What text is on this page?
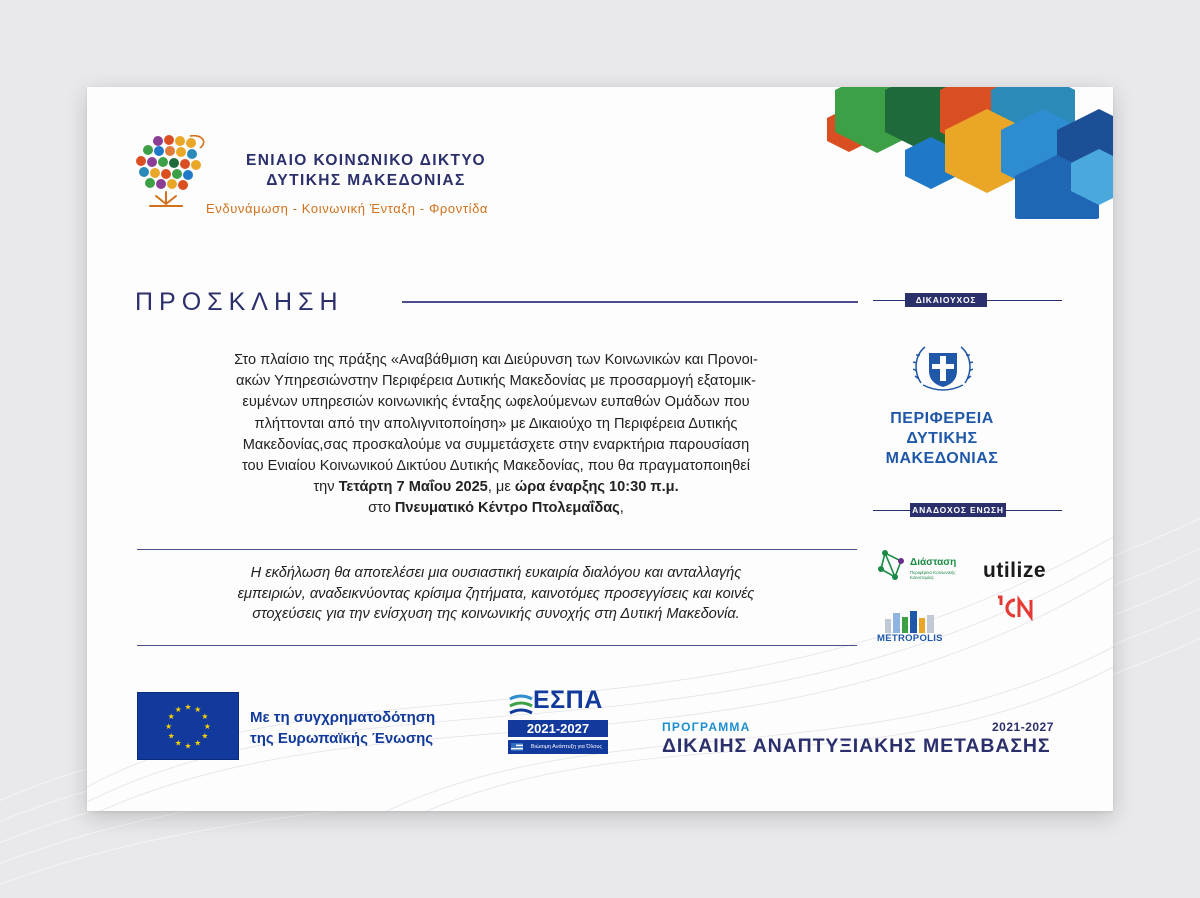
ΕΝΙΑΙΟ ΚΟΙΝΩΝΙΚΟ ΔΙΚΤΥΟ
ΔΥΤΙΚΗΣ ΜΑΚΕΔΟΝΙΑΣ
Ενδυνάμωση - Κοινωνική Ένταξη - Φροντίδα
ΠΡΟΣΚΛΗΣΗ
Στο πλαίσιο της πράξης «Αναβάθμιση και Διεύρυνση των Κοινωνικών και Προνοι-
ακών Υπηρεσιώνστην Περιφέρεια Δυτικής Μακεδονίας με προσαρμογή εξατομικ-
ευμένων υπηρεσιών κοινωνικής ένταξης ωφελούμενων ευπαθών Ομάδων που
πλήττονται από την απολιγνιτοποίηση» με Δικαιούχο τη Περιφέρεια Δυτικής
Μακεδονίας,σας προσκαλούμε να συμμετάσχετε στην εναρκτήρια παρουσίαση
του Ενιαίου Κοινωνικού Δικτύου Δυτικής Μακεδονίας, που θα πραγματοποιηθεί
την Τετάρτη 7 Μαΐου 2025, με ώρα έναρξης 10:30 π.μ.
στο Πνευματικό Κέντρο Πτολεμαΐδας,
Η εκδήλωση θα αποτελέσει μια ουσιαστική ευκαιρία διαλόγου και ανταλλαγής
εμπειριών, αναδεικνύοντας κρίσιμα ζητήματα, καινοτόμες προσεγγίσεις και κοινές
στοχεύσεις για την ενίσχυση της κοινωνικής συνοχής στη Δυτική Μακεδονία.
ΔΙΚΑΙΟΥΧΟΣ
ΠΕΡΙΦΕΡΕΙΑ
ΔΥΤΙΚΗΣ
ΜΑΚΕΔΟΝΙΑΣ
ΑΝΑΔΟΧΟΣ ΕΝΩΣΗ
Διάσταση
Περιφέρεια Κοινωνικής Καινοτομίας	utilize
METROPOLIS
★ ★
★
★
★
★
★
★
★
★
★
★	Με τη συγχρηματοδότηση
της Ευρωπαϊκής Ένωσης
ΕΣΠΑ
2021-2027
Βιώσιμη Ανάπτυξη για Όλους
ΠΡΟΓΡΑΜΜΑ	2021-2027
ΔΙΚΑΙΗΣ ΑΝΑΠΤΥΞΙΑΚΗΣ ΜΕΤΑΒΑΣΗΣ
